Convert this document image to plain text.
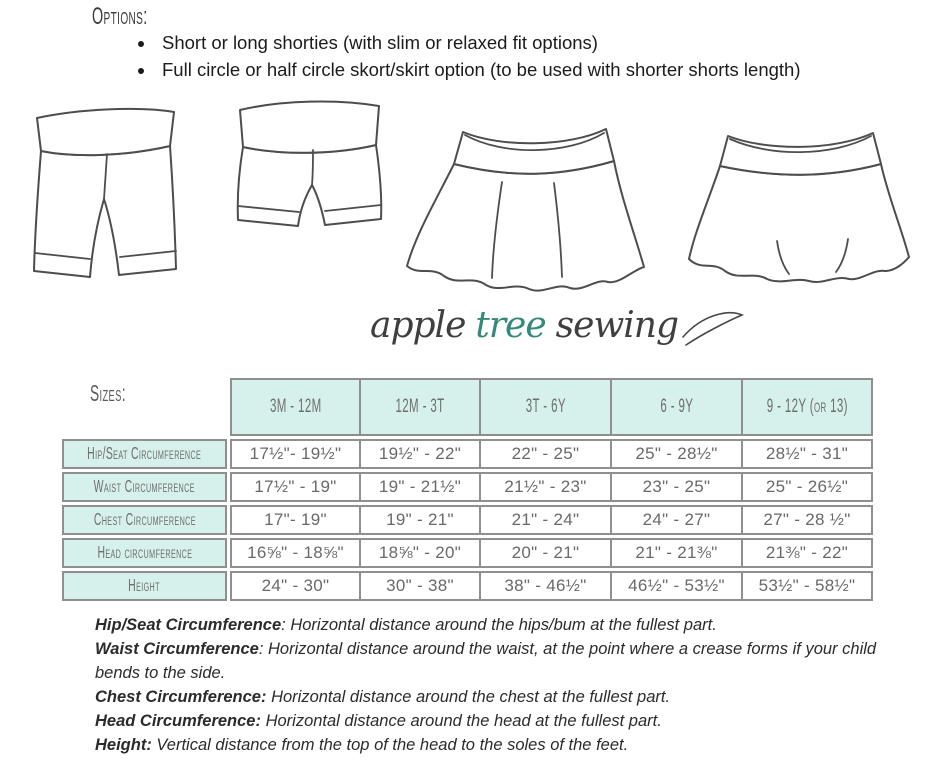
Options:
• Short or long shorties (with slim or relaxed fit options)
• Full circle or half circle skort/skirt option (to be used with shorter shorts length)
apple tree sewing
Sizes:	3M - 12M	12M - 3T	3T - 6Y	6 - 9Y	9 - 12Y (or 13)
Hip/Seat Circumference	17½"- 19½"	19½" - 22"	22" - 25"	25" - 28½"	28½" - 31"
Waist Circumference	17½" - 19"	19" - 21½"	21½" - 23"	23" - 25"	25" - 26½"
Chest Circumference	17"- 19"	19" - 21"	21" - 24"	24" - 27"	27" - 28 ½"
Head circumference	16⅝" - 18⅝"	18⅝" - 20"	20" - 21"	21" - 21⅜"	21⅜" - 22"
Height	24" - 30"	30" - 38"	38" - 46½"	46½" - 53½"	53½" - 58½"

Hip/Seat Circumference: Horizontal distance around the hips/bum at the fullest part.

Waist Circumference: Horizontal distance around the waist, at the point where a crease forms if your child bends to the side.

Chest Circumference: Horizontal distance around the chest at the fullest part.

Head Circumference: Horizontal distance around the head at the fullest part.

Height: Vertical distance from the top of the head to the soles of the feet.
